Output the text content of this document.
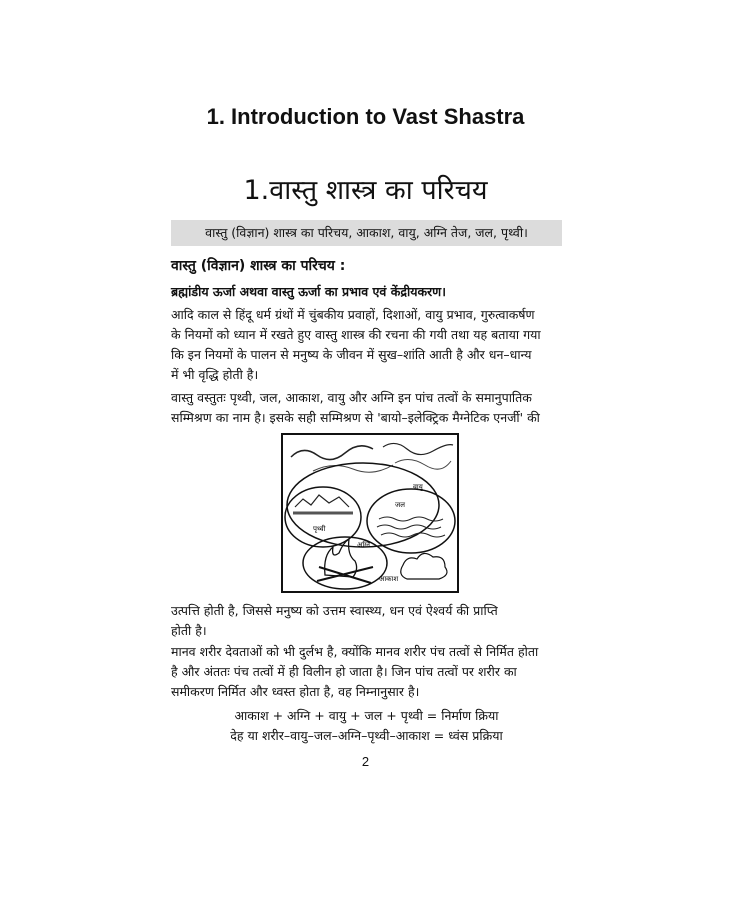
1. Introduction to Vast Shastra
1.वास्तु शास्त्र का परिचय
वास्तु (विज्ञान) शास्त्र का परिचय, आकाश, वायु, अग्नि तेज, जल, पृथ्वी।
वास्तु (विज्ञान) शास्त्र का परिचय :
ब्रह्मांडीय ऊर्जा अथवा वास्तु ऊर्जा का प्रभाव एवं केंद्रीयकरण।
आदि काल से हिंदू धर्म ग्रंथों में चुंबकीय प्रवाहों, दिशाओं, वायु प्रभाव, गुरुत्वाकर्षण
के नियमों को ध्यान में रखते हुए वास्तु शास्त्र की रचना की गयी तथा यह बताया गया
कि इन नियमों के पालन से मनुष्य के जीवन में सुख–शांति आती है और धन–धान्य
में भी वृद्धि होती है।
वास्तु वस्तुतः पृथ्वी, जल, आकाश, वायु और अग्नि इन पांच तत्वों के समानुपातिक
सम्मिश्रण का नाम है। इसके सही सम्मिश्रण से 'बायो–इलेक्ट्रिक मैग्नेटिक एनर्जी' की
वायु
जल
पृथ्वी
अग्नि
आकाश
उत्पत्ति होती है, जिससे मनुष्य को उत्तम स्वास्थ्य, धन एवं ऐश्वर्य की प्राप्ति
होती है।
मानव शरीर देवताओं को भी दुर्लभ है, क्योंकि मानव शरीर पंच तत्वों से निर्मित होता
है और अंततः पंच तत्वों में ही विलीन हो जाता है। जिन पांच तत्वों पर शरीर का
समीकरण निर्मित और ध्वस्त होता है, वह निम्नानुसार है।
आकाश + अग्नि + वायु + जल + पृथ्वी = निर्माण क्रिया
देह या शरीर–वायु–जल–अग्नि–पृथ्वी–आकाश = ध्वंस प्रक्रिया
2
